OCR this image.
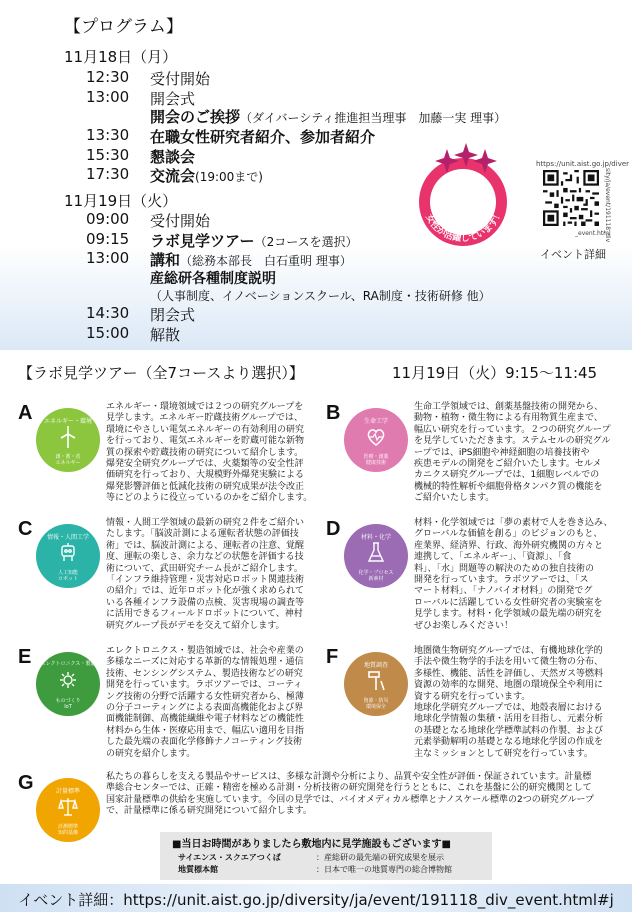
【プログラム】
11月18日（月）
12:30 受付開始
13:00 開会式
開会のご挨拶（ダイバーシティ推進担当理事　加藤一実 理事）
13:30 在職女性研究者紹介、参加者紹介
15:30 懇談会
17:30 交流会(19:00まで)
11月19日（火）
09:00 受付開始
09:15 ラボ見学ツアー（2コースを選択）
13:00 講和（総務本部長　白石重明 理事）
産総研各種制度説明
（人事制度、イノベーションスクール、RA制度・技術研修 他）
14:30 閉会式
15:00 解散
女性が活躍しています！
https://unit.aist.go.jp/diver
sity/ja/event/191118_div
_event.html
イベント詳細
【ラボ見学ツアー（全7コースより選択）】	11月19日（火）9:15〜11:45
A	エネルギー・環境
創・蓄・省
エネルギー
エネルギー・環境領域では２つの研究グループを
見学します。エネルギー貯蔵技術グループでは、
環境にやさしい電気エネルギーの有効利用の研究
を行っており、電気エネルギーを貯蔵可能な新物
質の探索や貯蔵技術の研究について紹介します。
爆発安全研究グループでは、火薬類等の安全性評
価研究を行っており、大規模野外爆発実験による
爆発影響評価と低減化技術の研究成果が法令改正
等にどのように役立っているのかをご紹介します。
B	生命工学
医療・創薬
健康技術
生命工学領域では、創薬基盤技術の開発から、
動物・植物・微生物による有用物質生産まで、
幅広い研究を行っています。２つの研究グループ
を見学していただきます。ステムセルの研究グル
ープでは、iPS細胞や神経細胞の培養技術や
疾患モデルの開発をご紹介いたします。セルメ
カニクス研究グループでは、1細胞レベルでの
機械的特性解析や細胞骨格タンパク質の機能を
ご紹介いたします。
C	情報・人間工学
人工知能
ロボット
情報・人間工学領域の最新の研究２件をご紹介い
たします。「脳波計測による運転者状態の評価技
術」では、脳波計測による、運転者の注意、覚醒
度、運転の楽しさ、余力などの状態を評価する技
術について、武田研究チーム長がご紹介します。
「インフラ維持管理・災害対応ロボット関連技術
の紹介」では、近年ロボット化が強く求められて
いる各種インフラ設備の点検、災害現場の調査等
に活用できるフィールドロボットについて、神村
研究グループ長がデモを交えて紹介します。
D	材料・化学
化学・プロセス
新素材
材料・化学領域では「夢の素材で人を巻き込み、
グローバルな価値を創る」のビジョンのもと、
産業界、経済界、行政、海外研究機関の方々と
連携して、「エネルギー」、「資源」、「食
料」、「水」問題等の解決のための独自技術の
開発を行っています。ラボツアーでは、「ス
マート材料」、「ナノバイオ材料」の開発でグ
ローバルに活躍している女性研究者の実験室を
見学します。材料・化学領域の最先端の研究を
ぜひお楽しみください！
E	エレクトロニクス・製造
ものづくり
IoT
エレクトロニクス・製造領域では、社会や産業の
多様なニーズに対応する革新的な情報処理・通信
技術、センシングシステム、製造技術などの研究
開発を行っています。ラボツアーでは、コーティ
ング技術の分野で活躍する女性研究者から、極薄
の分子コーティングによる表面高機能化および界
面機能制御、高機能繊維や電子材料などの機能性
材料から生体・医療応用まで、幅広い適用を目指
した最先端の表面化学修飾ナノコーティング技術
の研究を紹介します。
F	地質調査
資源・防災
環境保全
地圏微生物研究グループでは、有機地球化学的
手法や微生物学的手法を用いて微生物の分布、
多様性、機能、活性を評価し、天然ガス等燃料
資源の効率的な開発、地圏の環境保全や利用に
資する研究を行っています。
地球化学研究グループでは、地殻表層における
地球化学情報の集積・活用を目指し、元素分析
の基礎となる地球化学標準試料の作製、および
元素挙動解明の基礎となる地球化学図の作成を
主なミッションとして研究を行っています。
G	計量標準
計測標準
知的基盤
私たちの暮らしを支える製品やサービスは、多様な計測や分析により、品質や安全性が評価・保証されています。計量標
準総合センターでは、正確・精密を極める計測・分析技術の研究開発を行うとともに、これを基盤に公的研究機関として
国家計量標準の供給を実施しています。今回の見学では、バイオメディカル標準とナノスケール標準の2つの研究グループ
で、計量標準に係る研究開発について紹介します。
■当日お時間がありましたら敷地内に見学施設もございます■
サイエンス・スクエアつくば	：産総研の最先端の研究成果を展示
地質標本館	：日本で唯一の地質専門の総合博物館
イベント詳細：https://unit.aist.go.jp/diversity/ja/event/191118_div_event.html#j
